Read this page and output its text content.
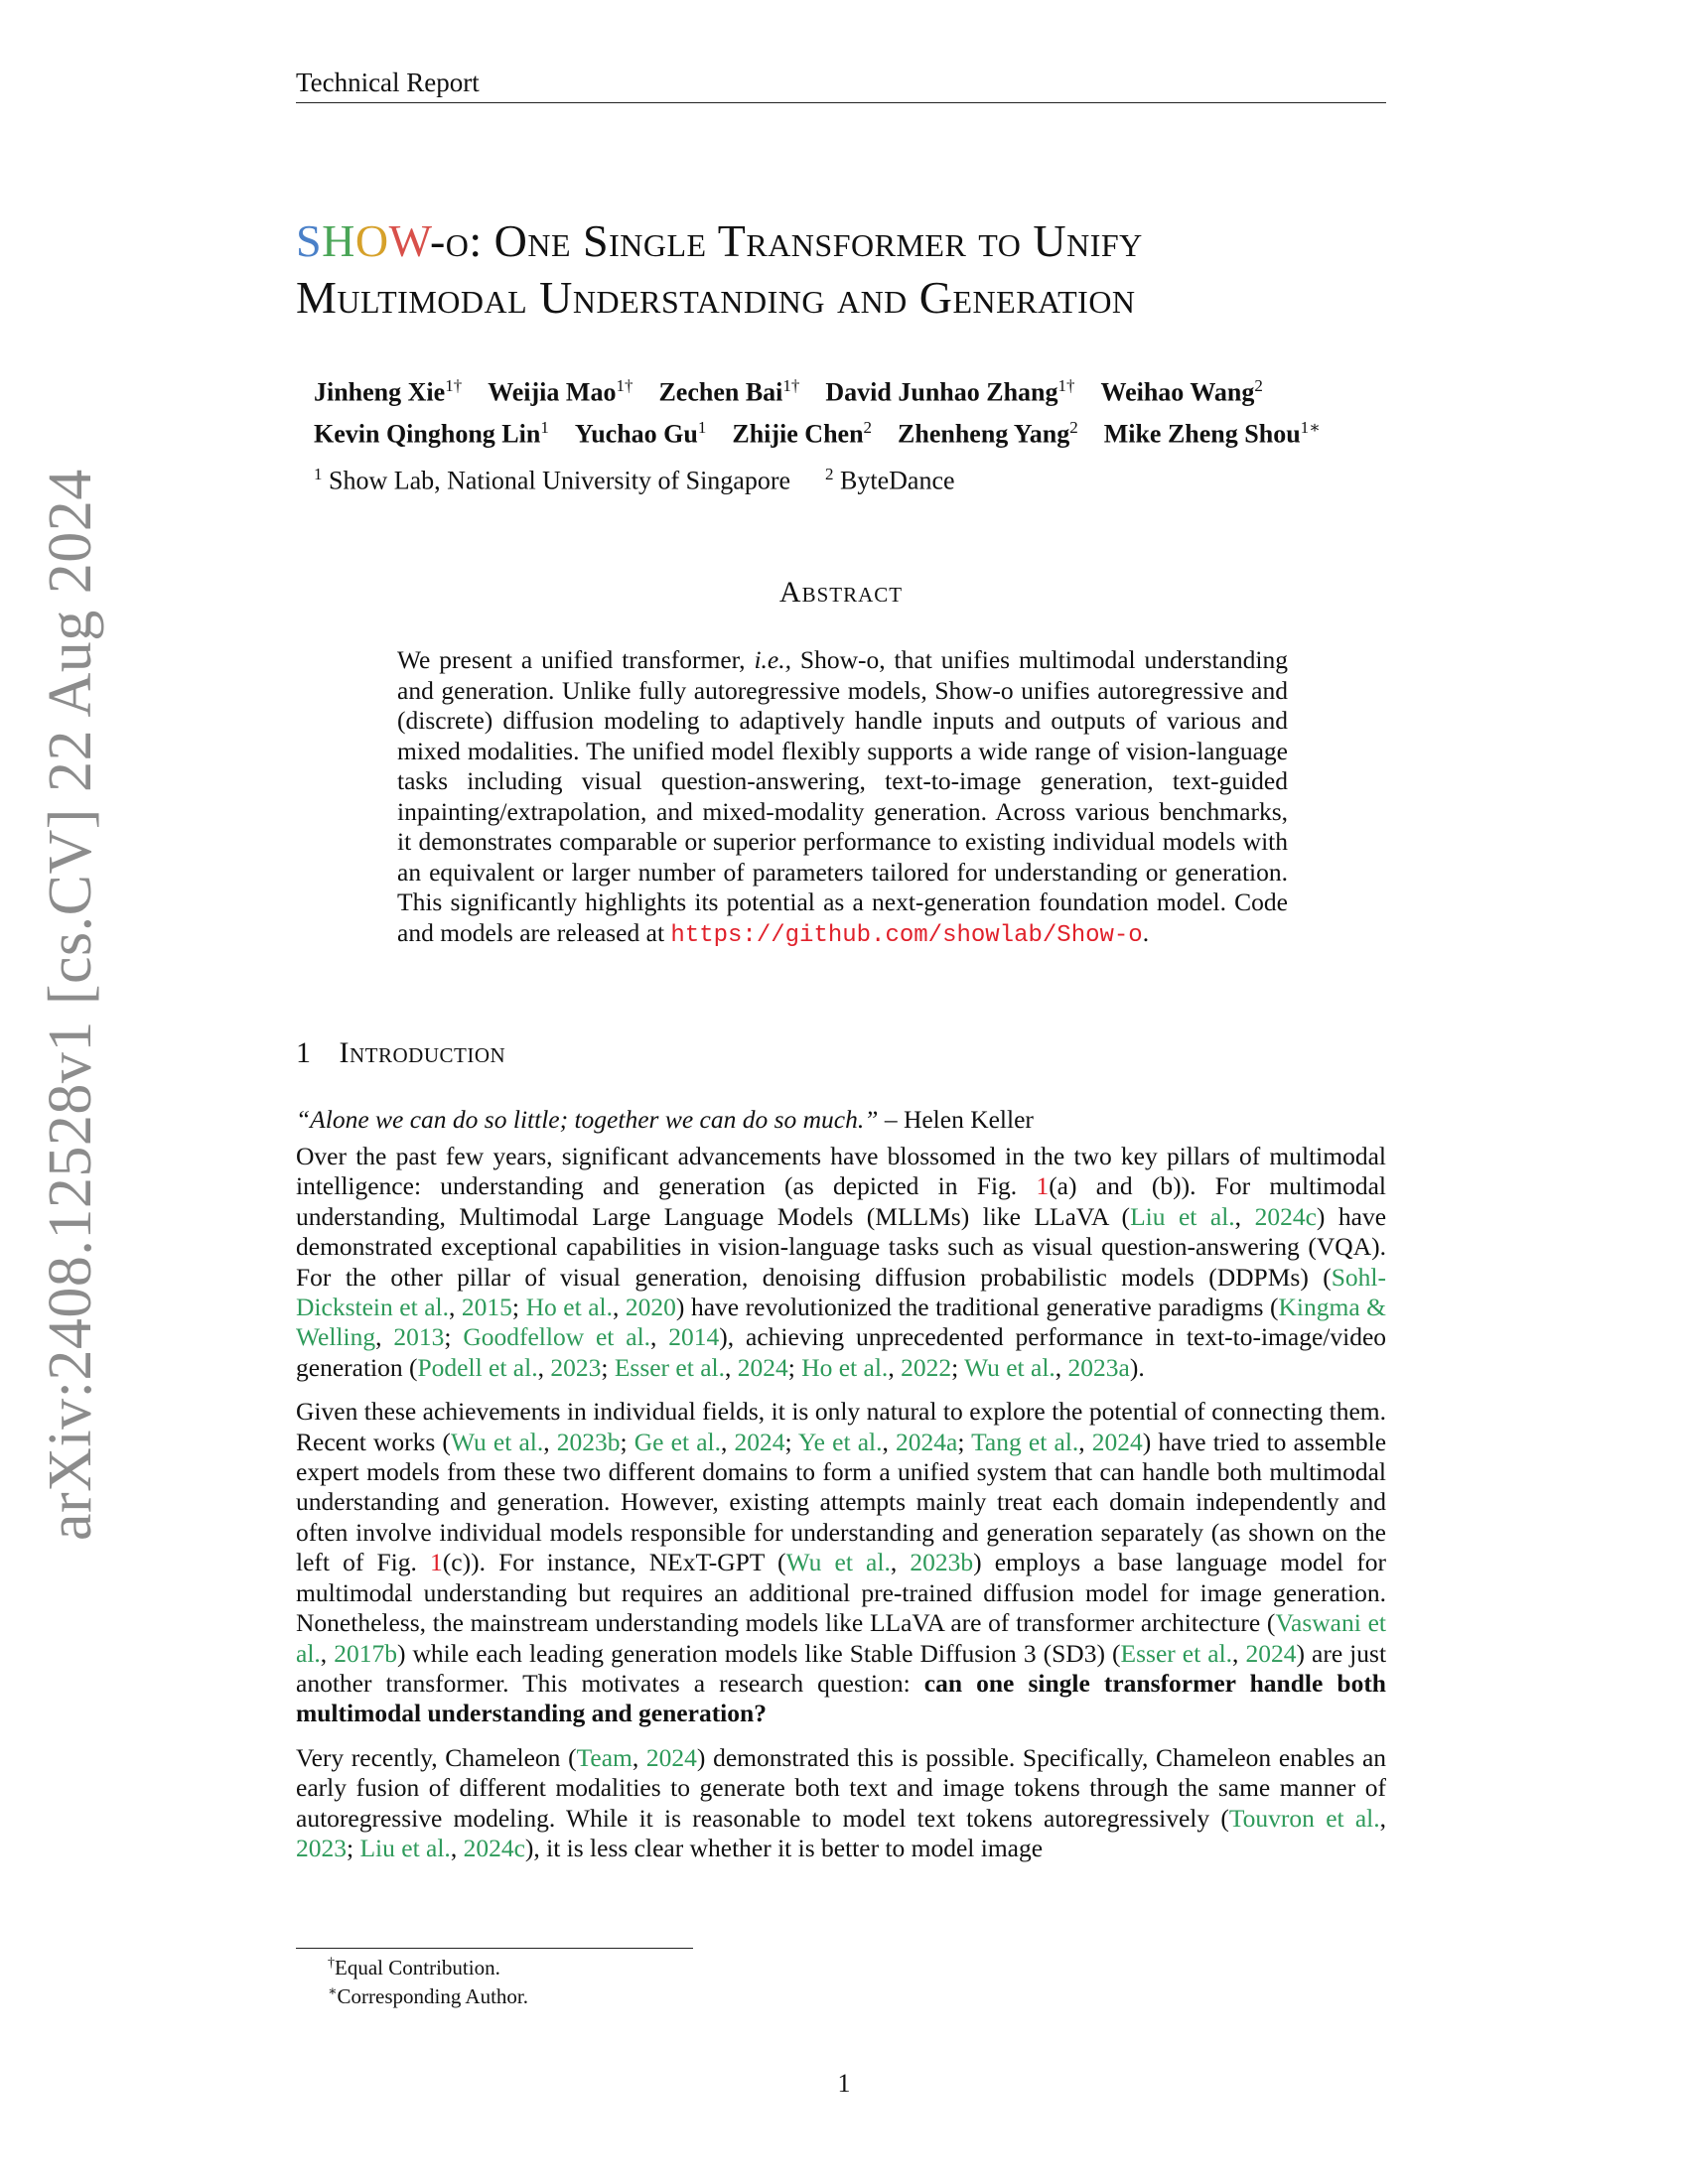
Technical Report
arXiv:2408.12528v1 [cs.CV] 22 Aug 2024
SHOW-o: One Single Transformer to Unify
Multimodal Understanding and Generation
Jinheng Xie$^{1\dagger}$  Weijia Mao$^{1\dagger}$  Zechen Bai$^{1\dagger}$  David Junhao Zhang$^{1\dagger}$  Weihao Wang$^2$
Kevin Qinghong Lin$^1$  Yuchao Gu$^1$  Zhijie Chen$^2$  Zhenheng Yang$^2$  Mike Zheng Shou$^{1∗}$
$^1$ Show Lab, National University of Singapore $^2$ ByteDance
Abstract
We present a unified transformer, i.e., Show-o, that unifies multimodal understanding and generation. Unlike fully autoregressive models, Show-o unifies autoregressive and (discrete) diffusion modeling to adaptively handle inputs and outputs of various and mixed modalities. The unified model flexibly supports a wide range of vision-language tasks including visual question-answering, text-to-image generation, text-guided inpainting/extrapolation, and mixed-modality generation. Across various benchmarks, it demonstrates comparable or superior performance to existing individual models with an equivalent or larger number of parameters tailored for understanding or generation. This significantly highlights its potential as a next-generation foundation model. Code and models are released at https://github.com/showlab/Show-o.
1 Introduction
“Alone we can do so little; together we can do so much.” – Helen Keller

Over the past few years, significant advancements have blossomed in the two key pillars of multimodal intelligence: understanding and generation (as depicted in Fig. 1(a) and (b)). For multimodal understanding, Multimodal Large Language Models (MLLMs) like LLaVA (Liu et al., 2024c) have demonstrated exceptional capabilities in vision-language tasks such as visual question-answering (VQA). For the other pillar of visual generation, denoising diffusion probabilistic models (DDPMs) (Sohl-Dickstein et al., 2015; Ho et al., 2020) have revolutionized the traditional generative paradigms (Kingma & Welling, 2013; Goodfellow et al., 2014), achieving unprecedented performance in text-to-image/video generation (Podell et al., 2023; Esser et al., 2024; Ho et al., 2022; Wu et al., 2023a).

Given these achievements in individual fields, it is only natural to explore the potential of connecting them. Recent works (Wu et al., 2023b; Ge et al., 2024; Ye et al., 2024a; Tang et al., 2024) have tried to assemble expert models from these two different domains to form a unified system that can handle both multimodal understanding and generation. However, existing attempts mainly treat each domain independently and often involve individual models responsible for understanding and generation separately (as shown on the left of Fig. 1(c)). For instance, NExT-GPT (Wu et al., 2023b) employs a base language model for multimodal understanding but requires an additional pre-trained diffusion model for image generation. Nonetheless, the mainstream understanding models like LLaVA are of transformer architecture (Vaswani et al., 2017b) while each leading generation models like Stable Diffusion 3 (SD3) (Esser et al., 2024) are just another transformer. This motivates a research question: can one single transformer handle both multimodal understanding and generation?

Very recently, Chameleon (Team, 2024) demonstrated this is possible. Specifically, Chameleon enables an early fusion of different modalities to generate both text and image tokens through the same manner of autoregressive modeling. While it is reasonable to model text tokens autoregressively (Touvron et al., 2023; Liu et al., 2024c), it is less clear whether it is better to model image

†Equal Contribution.
∗Corresponding Author.
1
